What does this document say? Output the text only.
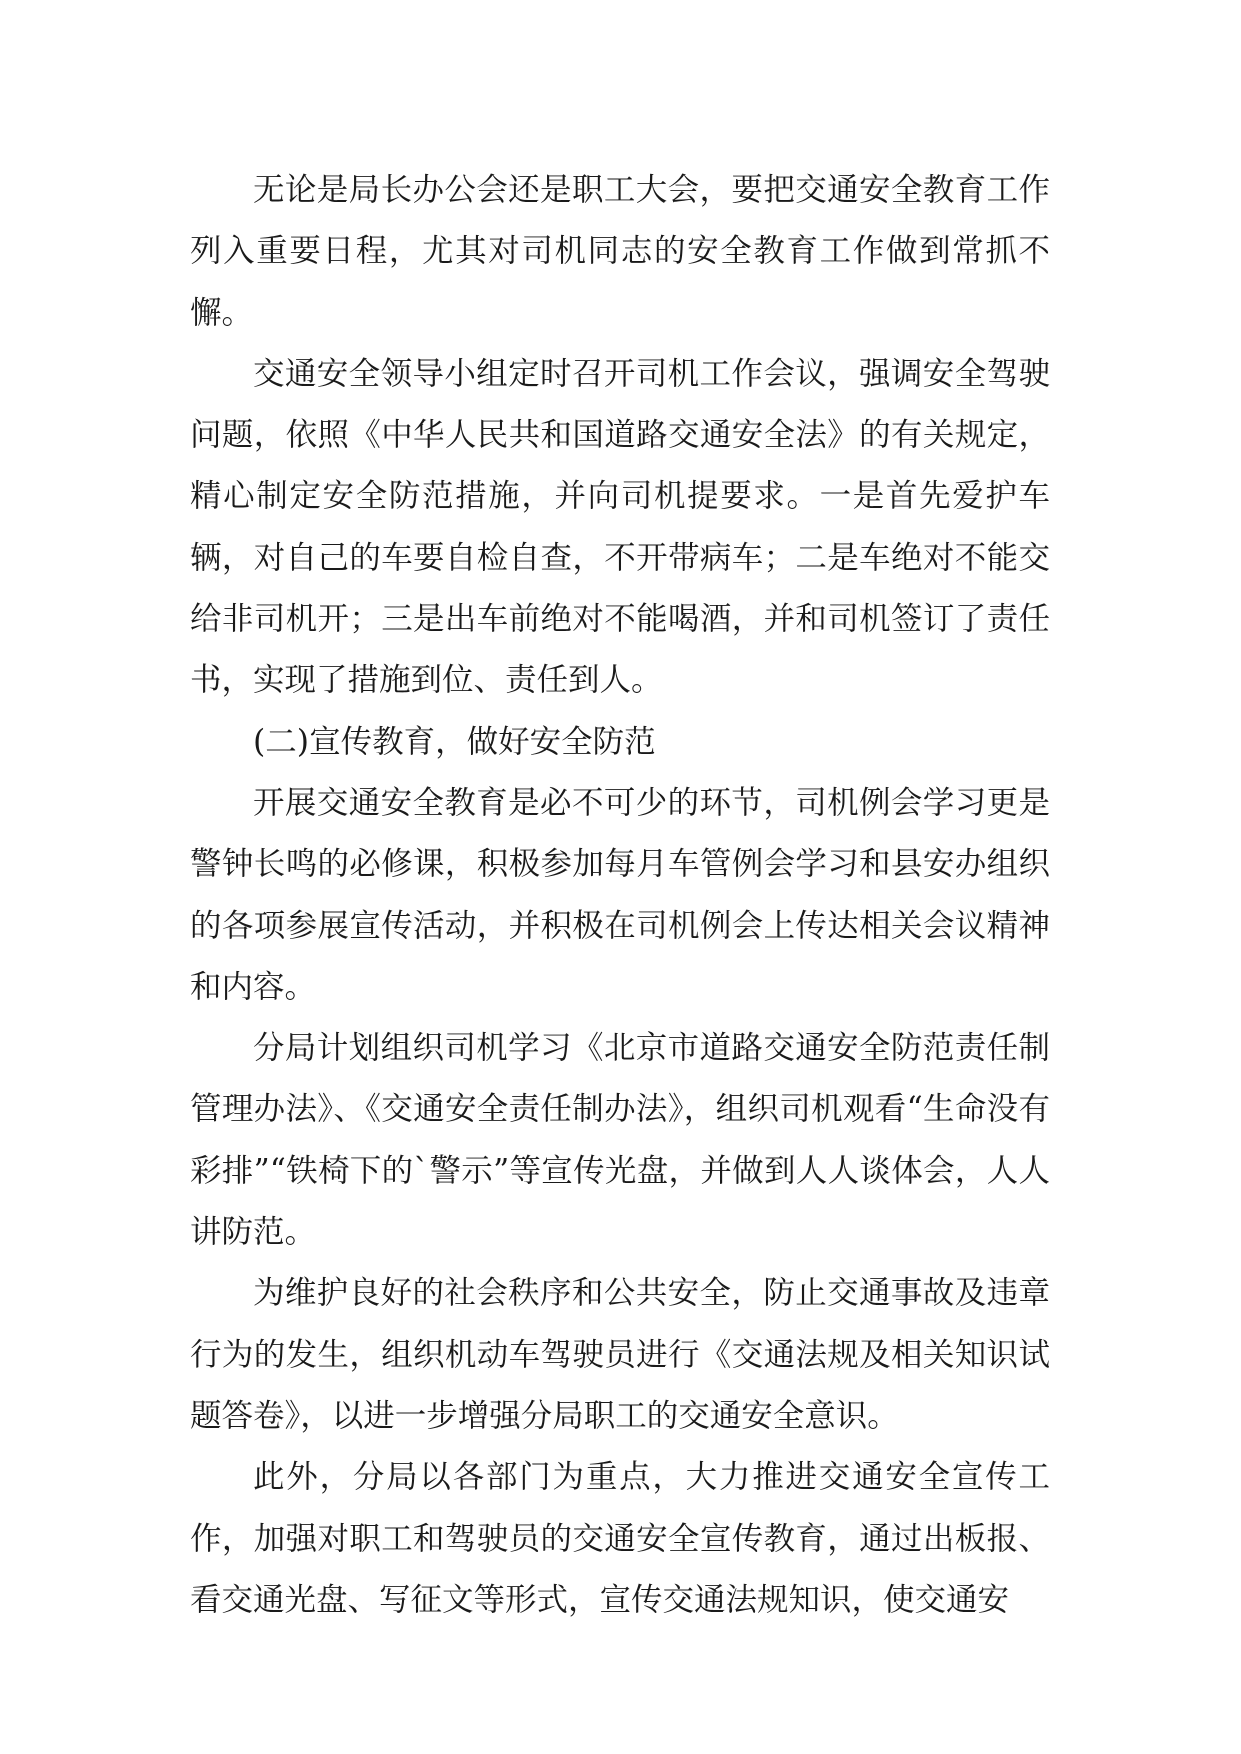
无论是局长办公会还是职工大会，要把交通安全教育工作列入重要日程，尤其对司机同志的安全教育工作做到常抓不懈。

交通安全领导小组定时召开司机工作会议，强调安全驾驶问题，依照《中华人民共和国道路交通安全法》的有关规定，精心制定安全防范措施，并向司机提要求。一是首先爱护车辆，对自己的车要自检自查，不开带病车；二是车绝对不能交给非司机开；三是出车前绝对不能喝酒，并和司机签订了责任书，实现了措施到位、责任到人。

(二)宣传教育，做好安全防范

开展交通安全教育是必不可少的环节，司机例会学习更是警钟长鸣的必修课，积极参加每月车管例会学习和县安办组织的各项参展宣传活动，并积极在司机例会上传达相关会议精神和内容。

分局计划组织司机学习《北京市道路交通安全防范责任制管理办法》、《交通安全责任制办法》，组织司机观看“生命没有彩排”“铁椅下的`警示”等宣传光盘，并做到人人谈体会，人人讲防范。

为维护良好的社会秩序和公共安全，防止交通事故及违章行为的发生，组织机动车驾驶员进行《交通法规及相关知识试题答卷》，以进一步增强分局职工的交通安全意识。

此外，分局以各部门为重点，大力推进交通安全宣传工作，加强对职工和驾驶员的交通安全宣传教育，通过出板报、看交通光盘、写征文等形式，宣传交通法规知识，使交通安
